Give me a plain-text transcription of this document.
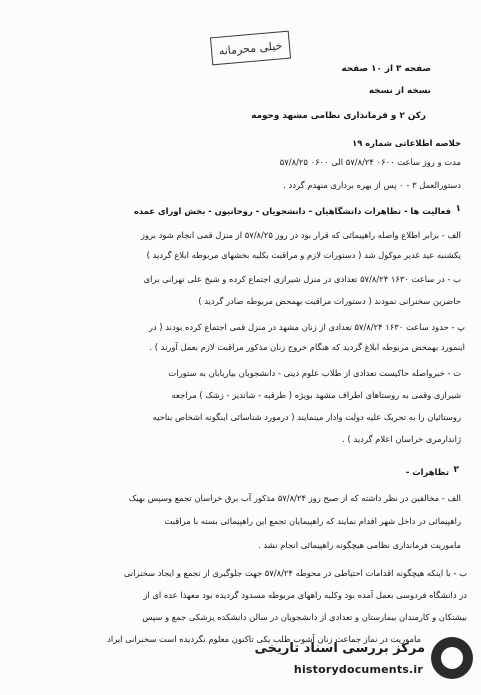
خیلی محرمانه
صفحه ۳ از ۱۰ صفحه
نسخه از نسخه
رکن ۲ و فرمانداری نظامی مشهد وحومه
خلاصه اطلاعاتی شماره ۱۹
مدت و روز ساعت ۰۶۰۰ ۵۷/۸/۲۴ الی ۰۶۰۰ ۵۷/۸/۲۵
دستورالعمل ۳ - ۰ پس از بهره برداری منهدم گردد .
فعالیت ها - تظاهرات دانشگاهیان - دانشجویان - روحانیون - بخش اورای عمده ۱
الف - برابر اطلاع واصله راهپیمائی که قرار بود در روز ۵۷/۸/۲۵ از منزل قمی انجام شود بروز
یکشنبه عید غدیر موکول شد ( دستورات لازم و مراقبت بکلیه بخشهای مربوطه ابلاغ گردید )
ب - در ساعت ۱۶۳۰ ۵۷/۸/۲۴ تعدادی در منزل شیرازی اجتماع کرده و شیخ علی تهرانی برای
حاضرین سخنرانی نمودند ( دستورات مراقبت بهمحض مربوطه صادر گردید )
پ - حدود ساعت ۱۶۳۰ ۵۷/۸/۲۴ تعدادی از زنان مشهد در منزل قمی اجتماع کرده بودند ( در
اینمورد بهمحض مربوطه ابلاغ گردید که هنگام خروج زنان مذکور مراقبت لازم بعمل آورند ) .
ت - خبرواصله حاکیست تعدادی از طلاب علوم دینی - دانشجویان بیاریابان به ستورات
شیرازی وقمی به روستاهای اطراف مشهد بویژه ( طرقبه - شاندیز - زشک ) مراجعه
روستائیان را به تحریک علیه دولت وادار مینمایند ( درمورد شناسائی اینگونه اشخاص بناحیه
ژاندارمری خراسان اعلام گردید ) .
۲
تظاهرات -
الف - مخالفین در نظر داشته که از صبح روز ۵۷/۸/۲۴ مذکور آب برق خراسان تجمع وسپس بهیک
راهپیمائی در داخل شهر اقدام نمایند که راهپیمایان تجمع این راهپیمائی بسته با مراقبت
ماموریت فرمانداری نظامی هیچگونه راهپیمائی انجام نشد .
ب - با اینکه هیچگونه اقدامات احتیاطی در محوطه ۵۷/۸/۲۴ جهت جلوگیری از تجمع و ایجاد سخنرانی
در دانشگاه فردوسی بعمل آمده بود وکلیه راههای مربوطه مسدود گردیده بود معهذا عده ای از
بیشتکان و کارمندان بیمارستان و تعدادی از دانشجویان در سالن دانشکده پزشکی جمع و سپس
ماموریت در نماز جماعت زنان آشوب طلب یکی تاکنون معلوم نگردیده است سخنرانی ایراد
مرکز بررسی اسناد تاریخی
historydocuments.ir
